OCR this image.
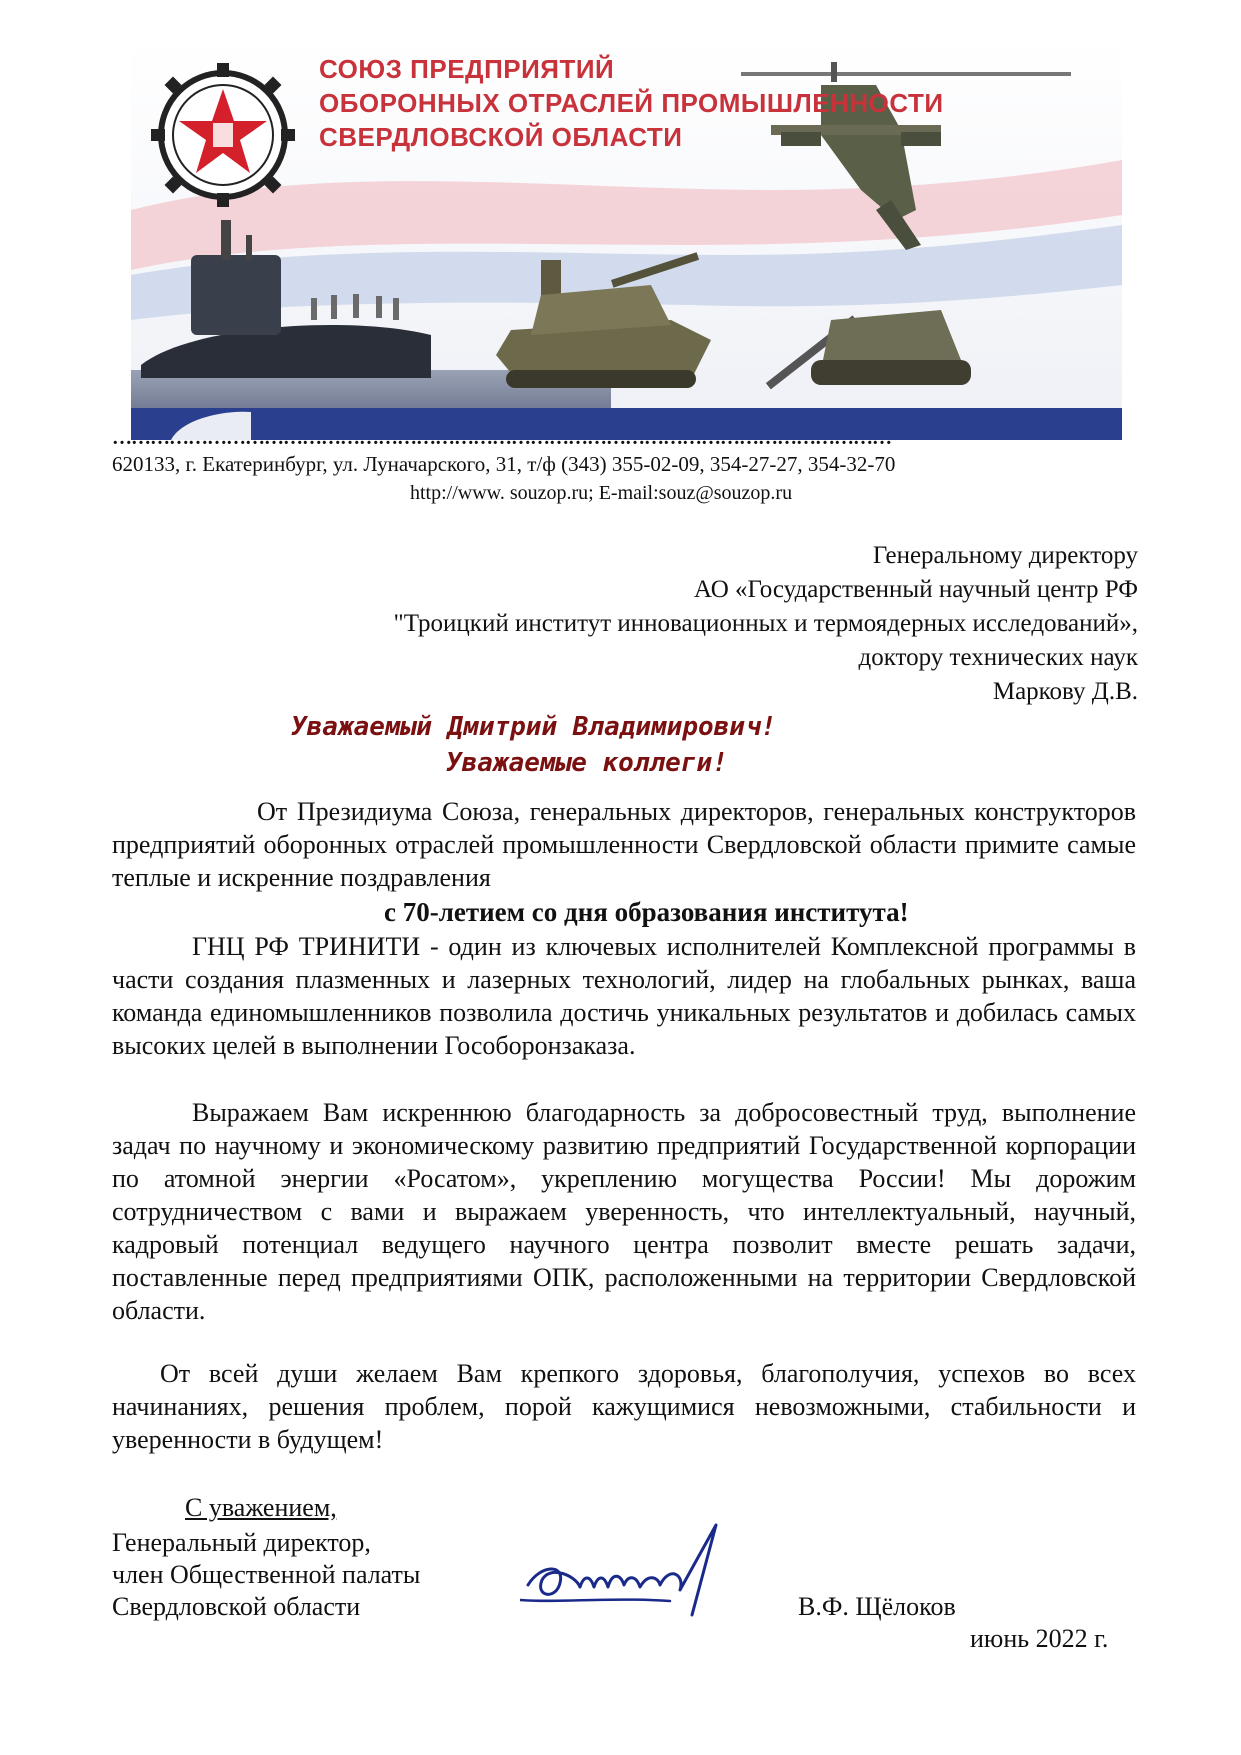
СОЮЗ ПРЕДПРИЯТИЙ
ОБОРОННЫХ ОТРАСЛЕЙ ПРОМЫШЛЕННОСТИ
СВЕРДЛОВСКОЙ ОБЛАСТИ
……………………………………………………………………………………………………………
620133, г. Екатеринбург, ул. Луначарского, 31, т/ф (343) 355-02-09, 354-27-27, 354-32-70
http://www. souzop.ru; E-mail:souz@souzop.ru
Генеральному директору
АО «Государственный научный центр РФ
"Троицкий институт инновационных и термоядерных исследований»,
доктору технических наук
Маркову Д.В.
Уважаемый Дмитрий Владимирович!
Уважаемые коллеги!
От Президиума Союза, генеральных директоров, генеральных конструкторов предприятий оборонных отраслей промышленности Свердловской области примите самые теплые и искренние поздравления
с 70-летием со дня образования института!
ГНЦ РФ ТРИНИТИ - один из ключевых исполнителей Комплексной программы в части создания плазменных и лазерных технологий, лидер на глобальных рынках, ваша команда единомышленников позволила достичь уникальных результатов и добилась самых высоких целей в выполнении Гособоронзаказа.
Выражаем Вам искреннюю благодарность за добросовестный труд, выполнение задач по научному и экономическому развитию предприятий Государственной корпорации по атомной энергии «Росатом», укреплению могущества России! Мы дорожим сотрудничеством с вами и выражаем уверенность, что интеллектуальный, научный, кадровый потенциал ведущего научного центра позволит вместе решать задачи, поставленные перед предприятиями ОПК, расположенными на территории Свердловской области.
От всей души желаем Вам крепкого здоровья, благополучия, успехов во всех начинаниях, решения проблем, порой кажущимися невозможными, стабильности и уверенности в будущем!
С уважением,
Генеральный директор,
член Общественной палаты
Свердловской области	В.Ф. Щёлоков
июнь 2022 г.
